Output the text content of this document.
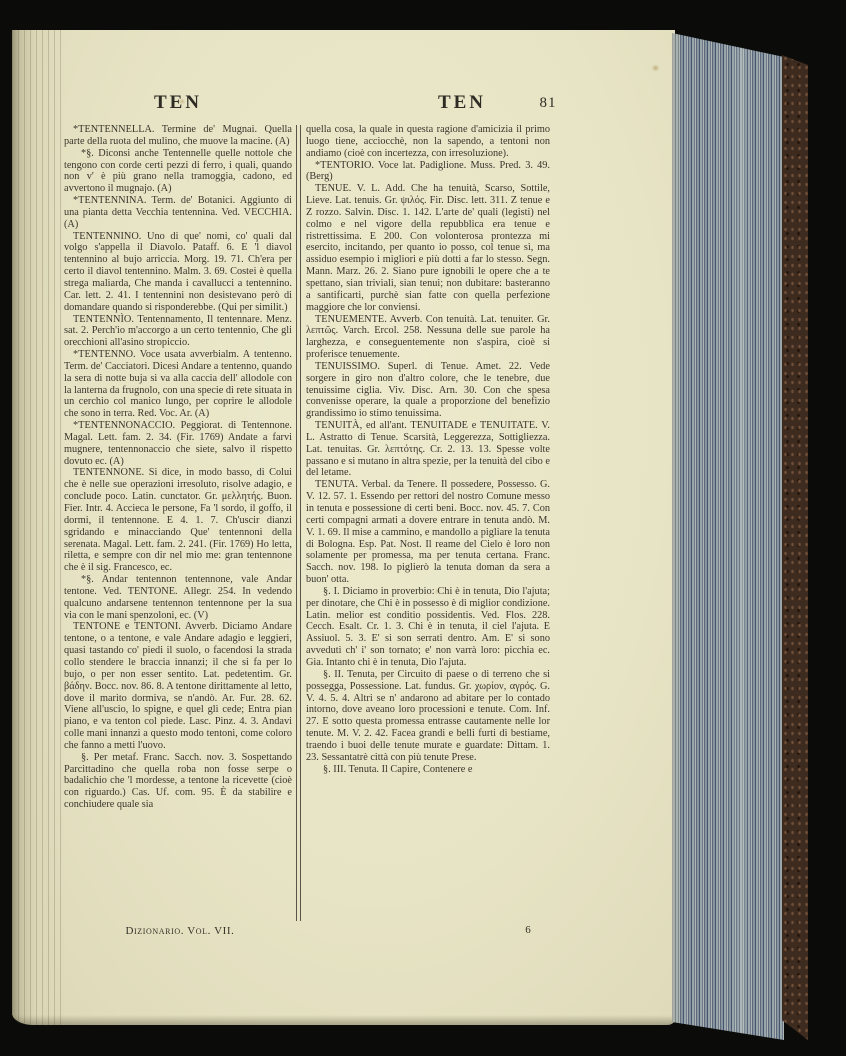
TEN	TEN	81

*TENTENNELLA. Termine de' Mugnai. Quella parte della ruota del mulino, che muove la macine. (A)

*§. Diconsi anche Tentennelle quelle nottole che tengono con corde certi pezzi di ferro, i quali, quando non v' è più grano nella tramoggia, cadono, ed avvertono il mugnajo. (A)

*TENTENNINA. Term. de' Botanici. Aggiunto di una pianta detta Vecchia tentennina. Ved. VECCHIA. (A)

TENTENNINO. Uno di que' nomi, co' quali dal volgo s'appella il Diavolo. Pataff. 6. E 'l diavol tentennino al bujo arriccia. Morg. 19. 71. Ch'era per certo il diavol tentennino. Malm. 3. 69. Costei è quella strega maliarda, Che manda i cavallucci a tentennino. Car. lett. 2. 41. I tentennini non desistevano però di domandare quando si risponderebbe. (Qui per similit.)

TENTENNÌO. Tentennamento, Il tentennare. Menz. sat. 2. Perch'io m'accorgo a un certo tentennìo, Che gli orecchioni all'asino stropiccio.

*TENTENNO. Voce usata avverbialm. A tentenno. Term. de' Cacciatori. Dicesi Andare a tentenno, quando la sera di notte buja si va alla caccia dell' allodole con la lanterna da frugnolo, con una specie di rete situata in un cerchio col manico lungo, per coprire le allodole che sono in terra. Red. Voc. Ar. (A)

*TENTENNONACCIO. Peggiorat. di Tentennone. Magal. Lett. fam. 2. 34. (Fir. 1769) Andate a farvi mugnere, tentennonaccio che siete, salvo il rispetto dovuto ec. (A)

TENTENNONE. Si dice, in modo basso, di Colui che è nelle sue operazioni irresoluto, risolve adagio, e conclude poco. Latin. cunctator. Gr. μελλητής. Buon. Fier. Intr. 4. Accieca le persone, Fa 'l sordo, il goffo, il dormi, il tentennone. E 4. 1. 7. Ch'uscir dianzi sgridando e minacciando Que' tentennoni della serenata. Magal. Lett. fam. 2. 241. (Fir. 1769) Ho letta, riletta, e sempre con dir nel mio me: gran tentennone che è il sig. Francesco, ec.

*§. Andar tentennon tentennone, vale Andar tentone. Ved. TENTONE. Allegr. 254. In vedendo qualcuno andarsene tentennon tentennone per la sua via con le mani spenzoloni, ec. (V)

TENTONE e TENTONI. Avverb. Diciamo Andare tentone, o a tentone, e vale Andare adagio e leggieri, quasi tastando co' piedi il suolo, o facendosi la strada collo stendere le braccia innanzi; il che si fa per lo bujo, o per non esser sentito. Lat. pedetentim. Gr. βάδην. Bocc. nov. 86. 8. A tentone dirittamente al letto, dove il marito dormiva, se n'andò. Ar. Fur. 28. 62. Viene all'uscio, lo spigne, e quel gli cede; Entra pian piano, e va tenton col piede. Lasc. Pinz. 4. 3. Andavi colle mani innanzi a questo modo tentoni, come coloro che fanno a metti l'uovo.

§. Per metaf. Franc. Sacch. nov. 3. Sospettando Parcittadino che quella roba non fosse serpe o badalichio che 'l mordesse, a tentone la ricevette (cioè con riguardo.) Cas. Uf. com. 95. È da stabilire e conchiudere quale sia

quella cosa, la quale in questa ragione d'amicizia il primo luogo tiene, acciocchè, non la sapendo, a tentoni non andiamo (cioè con incertezza, con irresoluzione).

*TENTORIO. Voce lat. Padiglione. Muss. Pred. 3. 49. (Berg)

TENUE. V. L. Add. Che ha tenuità, Scarso, Sottile, Lieve. Lat. tenuis. Gr. ψιλός. Fir. Disc. lett. 311. Z tenue e Z rozzo. Salvin. Disc. 1. 142. L'arte de' quali (legisti) nel colmo e nel vigore della repubblica era tenue e ristrettissima. E 200. Con volonterosa prontezza mi esercito, incitando, per quanto io posso, col tenue sì, ma assiduo esempio i migliori e più dotti a far lo stesso. Segn. Mann. Marz. 26. 2. Siano pure ignobili le opere che a te spettano, sian triviali, sian tenui; non dubitare: basteranno a santificarti, purchè sian fatte con quella perfezione maggiore che lor conviensi.

TENUEMENTE. Avverb. Con tenuità. Lat. tenuiter. Gr. λεπτῶς. Varch. Ercol. 258. Nessuna delle sue parole ha larghezza, e conseguentemente non s'aspira, cioè si proferisce tenuemente.

TENUISSIMO. Superl. di Tenue. Amet. 22. Vede sorgere in giro non d'altro colore, che le tenebre, due tenuissime ciglia. Viv. Disc. Arn. 30. Con che spesa convenisse operare, la quale a proporzione del benefizio grandissimo io stimo tenuissima.

TENUITÀ, ed all'ant. TENUITADE e TENUITATE. V. L. Astratto di Tenue. Scarsità, Leggerezza, Sottigliezza. Lat. tenuitas. Gr. λεπτότης. Cr. 2. 13. 13. Spesse volte passano e si mutano in altra spezie, per la tenuità del cibo e del letame.

TENUTA. Verbal. da Tenere. Il possedere, Possesso. G. V. 12. 57. 1. Essendo per rettori del nostro Comune messo in tenuta e possessione di certi beni. Bocc. nov. 45. 7. Con certi compagni armati a dovere entrare in tenuta andò. M. V. 1. 69. Il mise a cammino, e mandollo a pigliare la tenuta di Bologna. Esp. Pat. Nost. Il reame del Cielo è loro non solamente per promessa, ma per tenuta certana. Franc. Sacch. nov. 198. Io piglierò la tenuta doman da sera a buon' otta.

§. I. Diciamo in proverbio: Chi è in tenuta, Dio l'ajuta; per dinotare, che Chi è in possesso è di miglior condizione. Latin. melior est conditio possidentis. Ved. Flos. 228. Cecch. Esalt. Cr. 1. 3. Chi è in tenuta, il ciel l'ajuta. E Assiuol. 5. 3. E' si son serrati dentro. Am. E' si sono avveduti ch' i' son tornato; e' non varrà loro: picchia ec. Gia. Intanto chi è in tenuta, Dio l'ajuta.

§. II. Tenuta, per Circuito di paese o di terreno che si possegga, Possessione. Lat. fundus. Gr. χωρίον, αγρός. G. V. 4. 5. 4. Altri se n' andarono ad abitare per lo contado intorno, dove aveano loro processioni e tenute. Com. Inf. 27. E sotto questa promessa entrasse cautamente nelle lor tenute. M. V. 2. 42. Facea grandi e belli furti di bestiame, traendo i buoi delle tenute murate e guardate: Dittam. 1. 23. Sessantatrè città con più tenute Prese.

§. III. Tenuta. Il Capire, Contenere e

Dizionario. Vol. VII.	6
